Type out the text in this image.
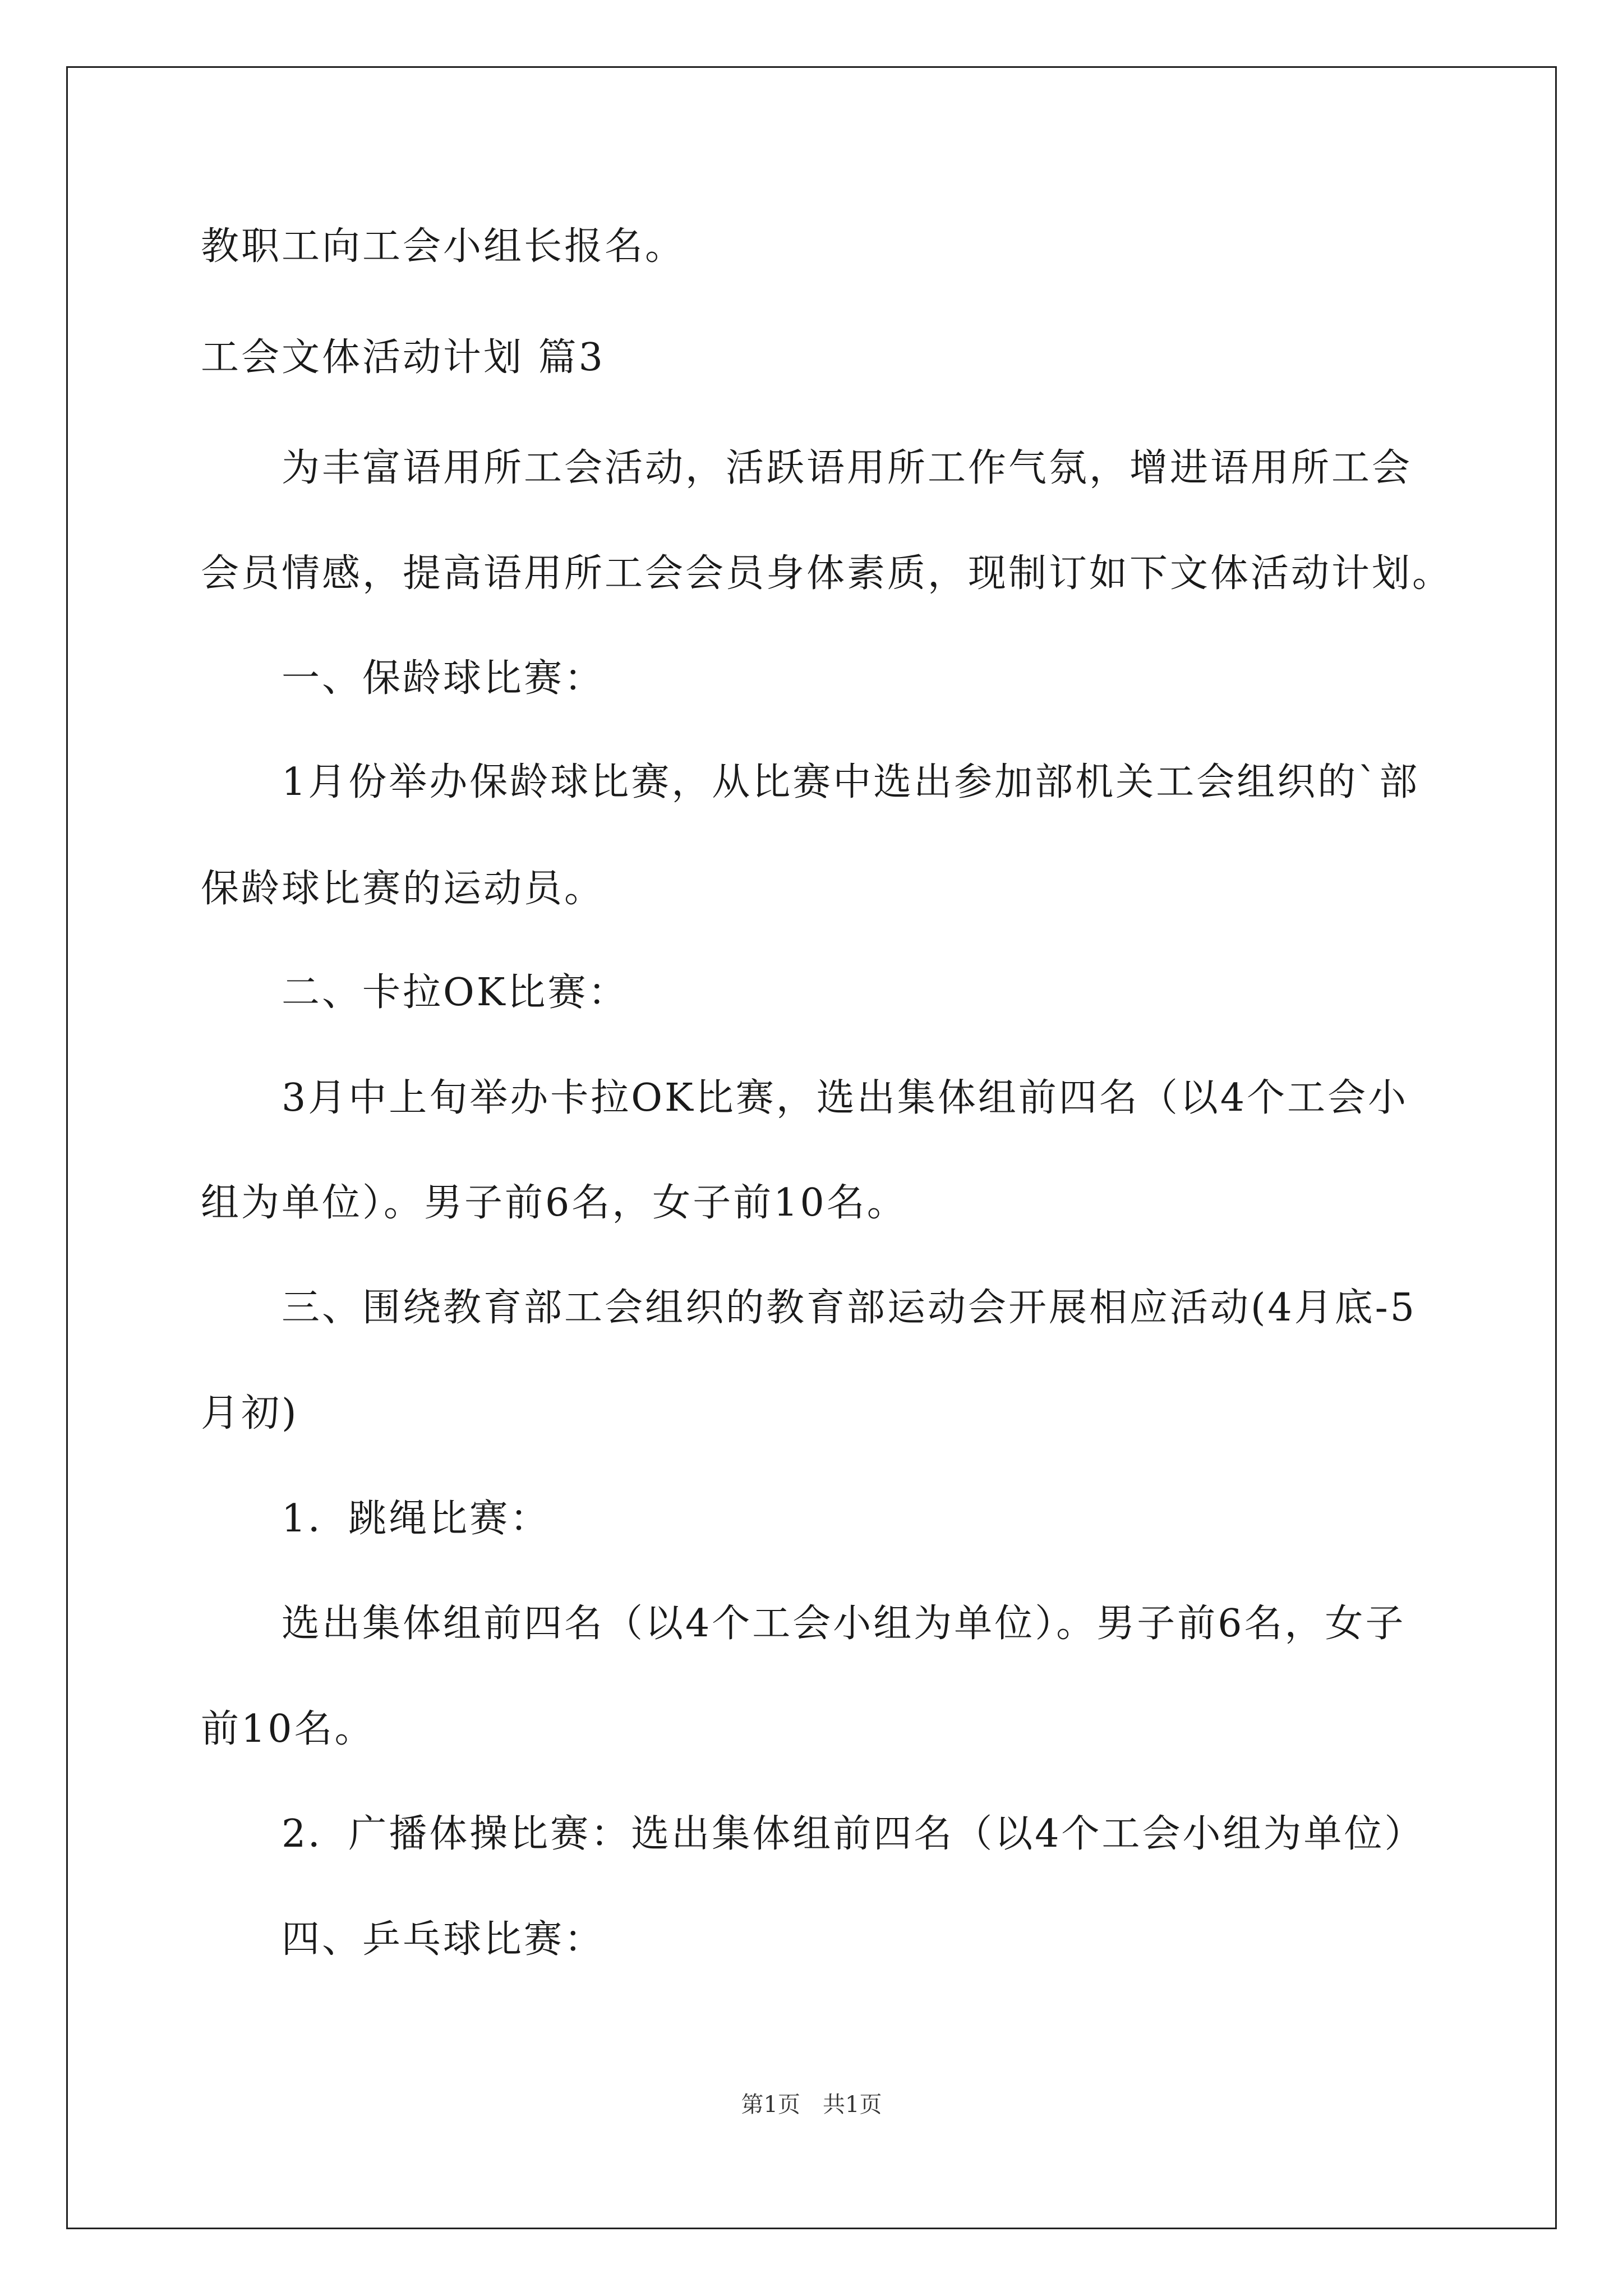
教职工向工会小组长报名。
工会文体活动计划 篇3
为丰富语用所工会活动，活跃语用所工作气氛，增进语用所工会
会员情感，提高语用所工会会员身体素质，现制订如下文体活动计划。
一、保龄球比赛：
1月份举办保龄球比赛，从比赛中选出参加部机关工会组织的`部
保龄球比赛的运动员。
二、卡拉OK比赛：
3月中上旬举办卡拉OK比赛，选出集体组前四名（以4个工会小
组为单位）。男子前6名，女子前10名。
三、围绕教育部工会组织的教育部运动会开展相应活动(4月底-5
月初)
1．跳绳比赛：
选出集体组前四名（以4个工会小组为单位）。男子前6名，女子
前10名。
2．广播体操比赛：选出集体组前四名（以4个工会小组为单位）
四、乒乓球比赛：
第1页　共1页
